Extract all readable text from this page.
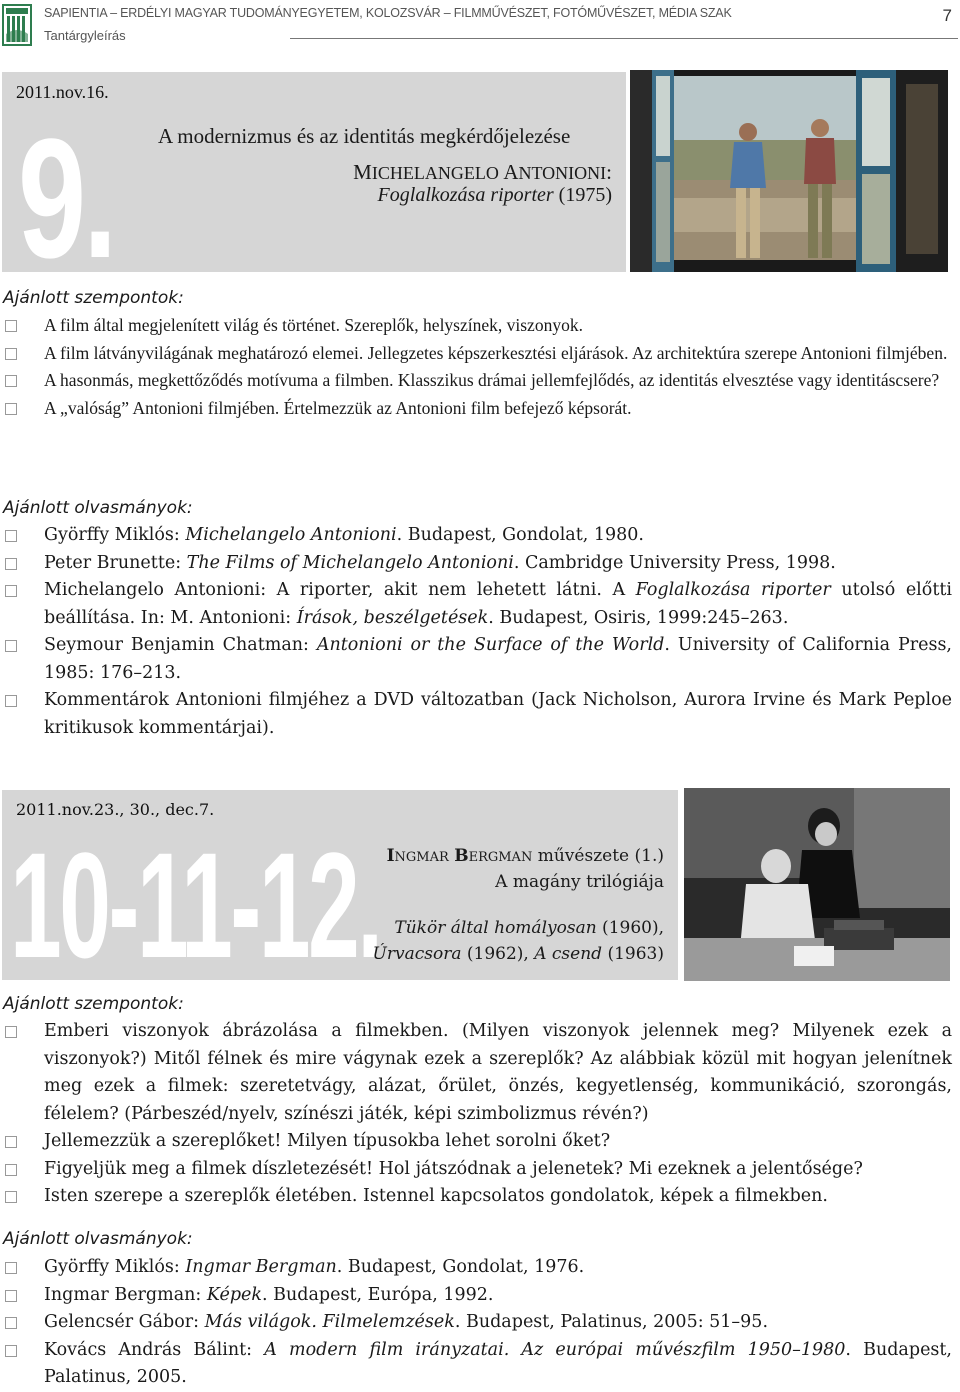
SAPIENTIA – ERDÉLYI MAGYAR TUDOMÁNYEGYETEM, KOLOZSVÁR – FILMMŰVÉSZET, FOTÓMŰVÉSZET, MÉDIA SZAK
Tantárgyleírás
7
2011.nov.16.
9. A modernizmus és az identitás megkérdőjelezése
MICHELANGELO ANTONIONI:
Foglalkozása riporter (1975)
Ajánlott szempontok:
A film által megjelenített világ és történet. Szereplők, helyszínek, viszonyok.
A film látványvilágának meghatározó elemei. Jellegzetes képszerkesztési eljárások. Az architektúra szerepe Antonioni filmjében.
A hasonmás, megkettőződés motívuma a filmben. Klasszikus drámai jellemfejlődés, az identitás elvesztése vagy identitáscsere?
A „valóság” Antonioni filmjében. Értelmezzük az Antonioni film befejező képsorát.
Ajánlott olvasmányok:
Györffy Miklós: Michelangelo Antonioni. Budapest, Gondolat, 1980.
Peter Brunette: The Films of Michelangelo Antonioni. Cambridge University Press, 1998.
Michelangelo Antonioni: A riporter, akit nem lehetett látni. A Foglalkozása riporter utolsó előtti beállítása. In: M. Antonioni: Írások, beszélgetések. Budapest, Osiris, 1999:245–263.
Seymour Benjamin Chatman: Antonioni or the Surface of the World. University of California Press, 1985: 176–213.
Kommentárok Antonioni filmjéhez a DVD változatban (Jack Nicholson, Aurora Irvine és Mark Peploe kritikusok kommentárjai).
2011.nov.23., 30., dec.7.
10-11-12. INGMAR BERGMAN művészete (1.)
A magány trilógiája
Tükör által homályosan (1960),
Úrvacsora (1962), A csend (1963)
Ajánlott szempontok:
Emberi viszonyok ábrázolása a filmekben. (Milyen viszonyok jelennek meg? Milyenek ezek a viszonyok?) Mitől félnek és mire vágynak ezek a szereplők? Az alábbiak közül mit hogyan jelenítnek meg ezek a filmek: szeretetvágy, alázat, őrület, önzés, kegyetlenség, kommunikáció, szorongás, félelem? (Párbeszéd/nyelv, színészi játék, képi szimbolizmus révén?)
Jellemezzük a szereplőket! Milyen típusokba lehet sorolni őket?
Figyeljük meg a filmek díszletezését! Hol játszódnak a jelenetek? Mi ezeknek a jelentősége?
Isten szerepe a szereplők életében. Istennel kapcsolatos gondolatok, képek a filmekben.
Ajánlott olvasmányok:
Györffy Miklós: Ingmar Bergman. Budapest, Gondolat, 1976.
Ingmar Bergman: Képek. Budapest, Európa, 1992.
Gelencsér Gábor: Más világok. Filmelemzések. Budapest, Palatinus, 2005: 51–95.
Kovács András Bálint: A modern film irányzatai. Az európai művészfilm 1950–1980. Budapest, Palatinus, 2005.
